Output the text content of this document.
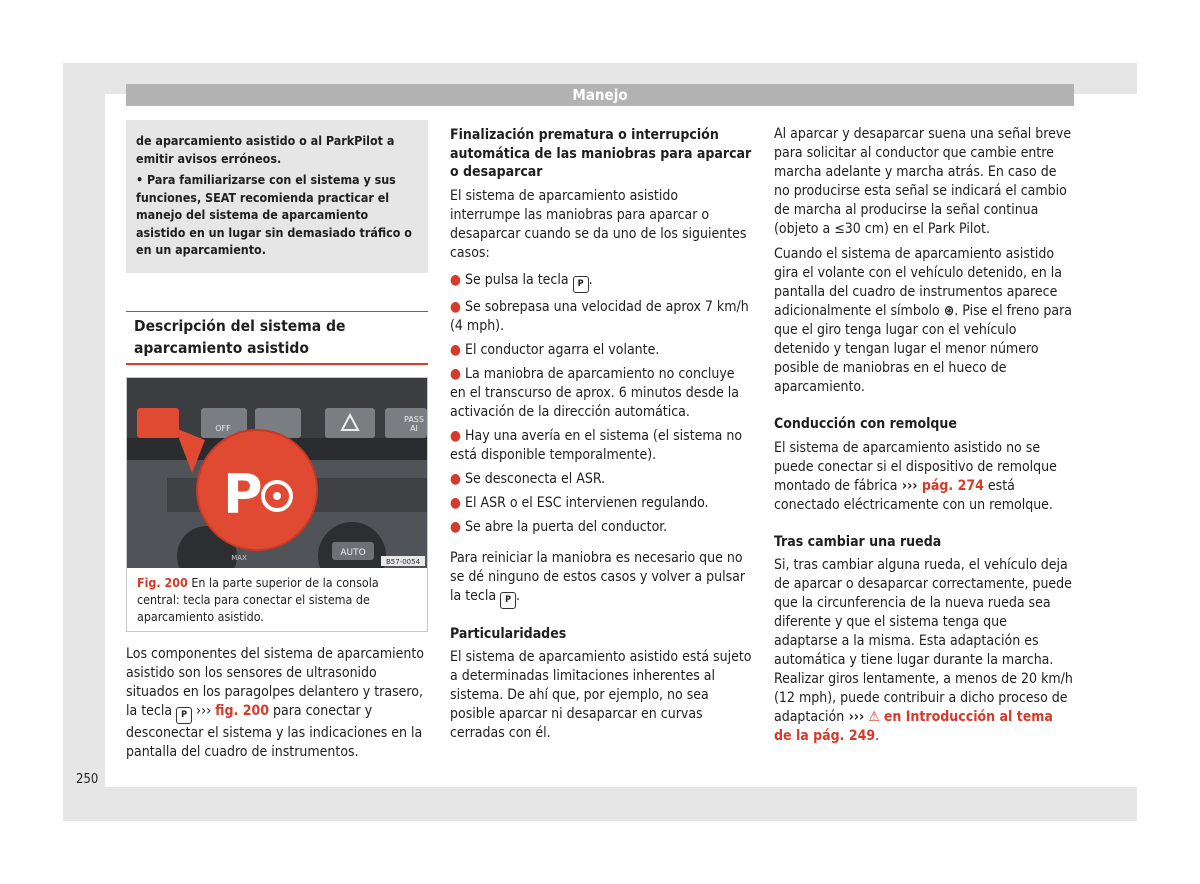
Manejo

de aparcamiento asistido o al ParkPilot a emitir avisos erróneos.

• Para familiarizarse con el sistema y sus funciones, SEAT recomienda practicar el manejo del sistema de aparcamiento asistido en un lugar sin demasiado tráfico o en un aparcamiento.

Descripción del sistema de aparcamiento asistido
OFF
PASS
AI
AUTO
MAX
P
B57-0054
Fig. 200 En la parte superior de la consola central: tecla para conectar el sistema de aparcamiento asistido.

Los componentes del sistema de aparcamiento asistido son los sensores de ultrasonido situados en los paragolpes delantero y trasero, la tecla P ››› fig. 200 para conectar y desconectar el sistema y las indicaciones en la pantalla del cuadro de instrumentos.

Finalización prematura o interrupción automática de las maniobras para aparcar o desaparcar

El sistema de aparcamiento asistido interrumpe las maniobras para aparcar o desaparcar cuando se da uno de los siguientes casos:

● Se pulsa la tecla P .
● Se sobrepasa una velocidad de aprox 7 km/h (4 mph).
● El conductor agarra el volante.
● La maniobra de aparcamiento no concluye en el transcurso de aprox. 6 minutos desde la activación de la dirección automática.
● Hay una avería en el sistema (el sistema no está disponible temporalmente).
● Se desconecta el ASR.
● El ASR o el ESC intervienen regulando.
● Se abre la puerta del conductor.

Para reiniciar la maniobra es necesario que no se dé ninguno de estos casos y volver a pulsar la tecla P .

Particularidades

El sistema de aparcamiento asistido está sujeto a determinadas limitaciones inherentes al sistema. De ahí que, por ejemplo, no sea posible aparcar ni desaparcar en curvas cerradas con él.

Al aparcar y desaparcar suena una señal breve para solicitar al conductor que cambie entre marcha adelante y marcha atrás. En caso de no producirse esta señal se indicará el cambio de marcha al producirse la señal continua (objeto a ≤30 cm) en el Park Pilot.

Cuando el sistema de aparcamiento asistido gira el volante con el vehículo detenido, en la pantalla del cuadro de instrumentos aparece adicionalmente el símbolo ⊛. Pise el freno para que el giro tenga lugar con el vehículo detenido y tengan lugar el menor número posible de maniobras en el hueco de aparcamiento.

Conducción con remolque

El sistema de aparcamiento asistido no se puede conectar si el dispositivo de remolque montado de fábrica ››› pág. 274 está conectado eléctricamente con un remolque.

Tras cambiar una rueda

Si, tras cambiar alguna rueda, el vehículo deja de aparcar o desaparcar correctamente, puede que la circunferencia de la nueva rueda sea diferente y que el sistema tenga que adaptarse a la misma. Esta adaptación es automática y tiene lugar durante la marcha. Realizar giros lentamente, a menos de 20 km/h (12 mph), puede contribuir a dicho proceso de adaptación ››› ⚠ en Introducción al tema de la pág. 249.

250
